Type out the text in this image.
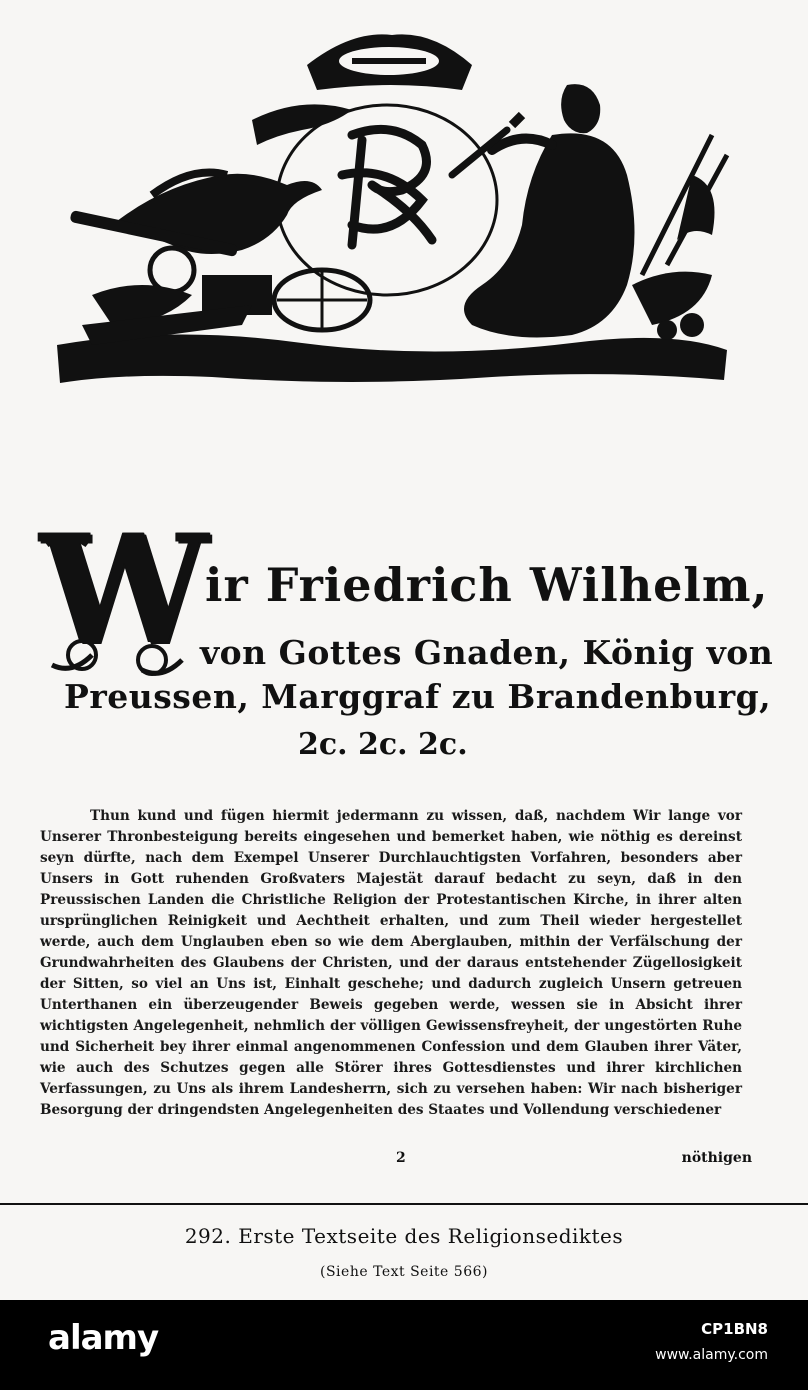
W
ir Friedrich Wilhelm,
von Gottes Gnaden, König von
Preussen, Marggraf zu Brandenburg,
2c. 2c. 2c.
Thun kund und fügen hiermit jedermann zu wissen, daß, nachdem Wir lange vor Unserer Thronbesteigung bereits eingesehen und bemerket haben, wie nöthig es dereinst seyn dürfte, nach dem Exempel Unserer Durchlauchtigsten Vorfahren, besonders aber Unsers in Gott ruhenden Großvaters Majestät darauf bedacht zu seyn, daß in den Preussischen Landen die Christliche Religion der Protestantischen Kirche, in ihrer alten ursprünglichen Reinigkeit und Aechtheit erhalten, und zum Theil wieder hergestellet werde, auch dem Unglauben eben so wie dem Aberglauben, mithin der Verfälschung der Grundwahrheiten des Glaubens der Christen, und der daraus entstehender Zügellosigkeit der Sitten, so viel an Uns ist, Einhalt geschehe; und dadurch zugleich Unsern getreuen Unterthanen ein überzeugender Beweis gegeben werde, wessen sie in Absicht ihrer wichtigsten Angelegenheit, nehmlich der völligen Gewissensfreyheit, der ungestörten Ruhe und Sicherheit bey ihrer einmal angenommenen Confession und dem Glauben ihrer Väter, wie auch des Schutzes gegen alle Störer ihres Gottesdienstes und ihrer kirchlichen Verfassungen, zu Uns als ihrem Landesherrn, sich zu versehen haben: Wir nach bisheriger Besorgung der dringendsten Angelegenheiten des Staates und Vollendung verschiedener
2	nöthigen
292. Erste Textseite des Religionsediktes
(Siehe Text Seite 566)
alamy	CP1BN8
www.alamy.com
